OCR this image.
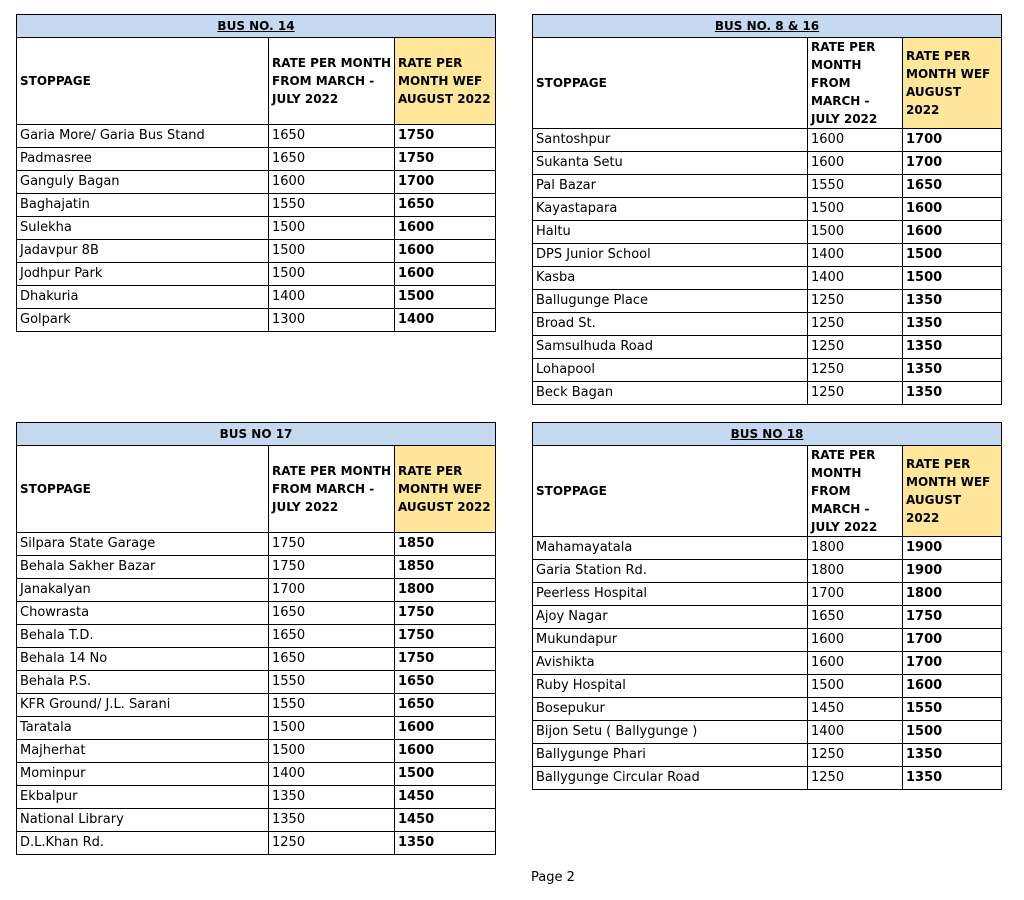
BUS NO. 14		
STOPPAGE	RATE PER MONTH FROM MARCH - JULY 2022	RATE PER MONTH WEF AUGUST 2022
Garia More/ Garia Bus Stand	1650	1750
Padmasree	1650	1750
Ganguly Bagan	1600	1700
Baghajatin	1550	1650
Sulekha	1500	1600
Jadavpur 8B	1500	1600
Jodhpur Park	1500	1600
Dhakuria	1400	1500
Golpark	1300	1400
BUS NO. 8 & 16		
STOPPAGE	RATE PER MONTH FROM MARCH - JULY 2022	RATE PER MONTH WEF AUGUST 2022
Santoshpur	1600	1700
Sukanta Setu	1600	1700
Pal Bazar	1550	1650
Kayastapara	1500	1600
Haltu	1500	1600
DPS Junior School	1400	1500
Kasba	1400	1500
Ballugunge Place	1250	1350
Broad St.	1250	1350
Samsulhuda Road	1250	1350
Lohapool	1250	1350
Beck Bagan	1250	1350
BUS NO 17		
STOPPAGE	RATE PER MONTH FROM MARCH - JULY 2022	RATE PER MONTH WEF AUGUST 2022
Silpara State Garage	1750	1850
Behala Sakher Bazar	1750	1850
Janakalyan	1700	1800
Chowrasta	1650	1750
Behala T.D.	1650	1750
Behala 14 No	1650	1750
Behala P.S.	1550	1650
KFR Ground/ J.L. Sarani	1550	1650
Taratala	1500	1600
Majherhat	1500	1600
Mominpur	1400	1500
Ekbalpur	1350	1450
National Library	1350	1450
D.L.Khan Rd.	1250	1350
BUS NO 18		
STOPPAGE	RATE PER MONTH FROM MARCH - JULY 2022	RATE PER MONTH WEF AUGUST 2022
Mahamayatala	1800	1900
Garia Station Rd.	1800	1900
Peerless Hospital	1700	1800
Ajoy Nagar	1650	1750
Mukundapur	1600	1700
Avishikta	1600	1700
Ruby Hospital	1500	1600
Bosepukur	1450	1550
Bijon Setu ( Ballygunge )	1400	1500
Ballygunge Phari	1250	1350
Ballygunge Circular Road	1250	1350
Page 2
